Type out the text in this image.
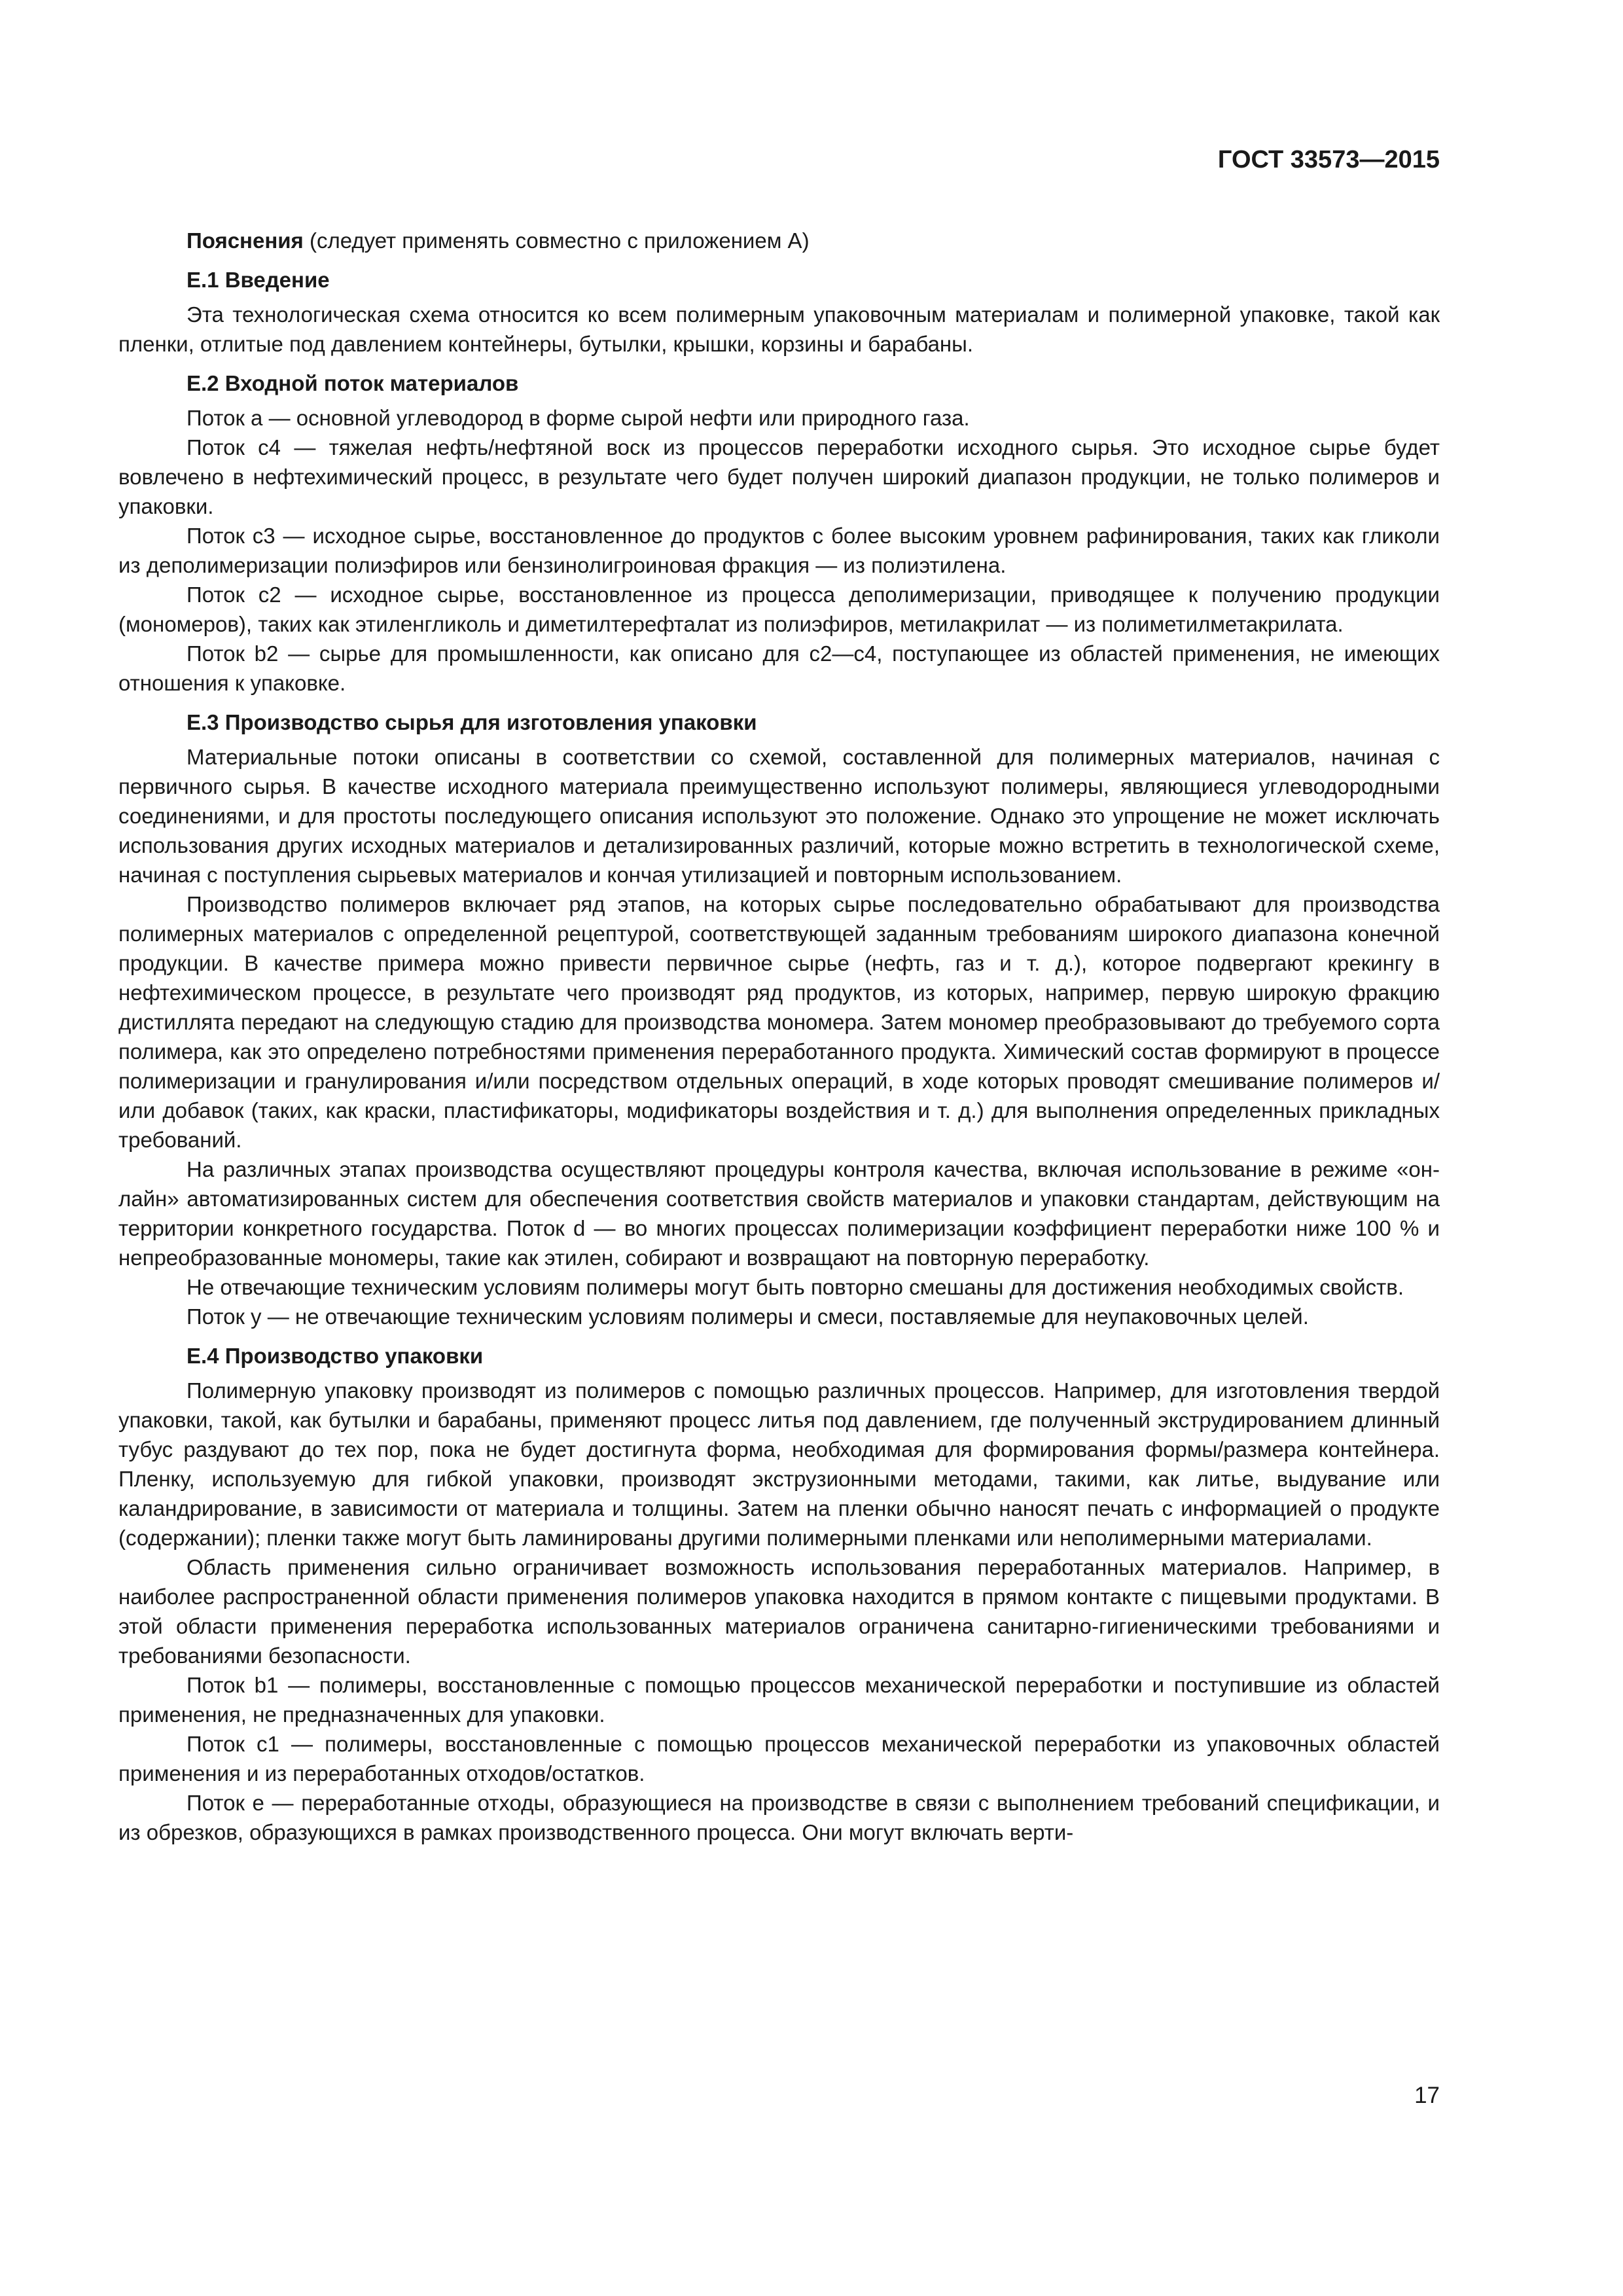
ГОСТ 33573—2015

Пояснения (следует применять совместно с приложением А)

Е.1 Введение

Эта технологическая схема относится ко всем полимерным упаковочным материалам и полимерной упаковке, такой как пленки, отлитые под давлением контейнеры, бутылки, крышки, корзины и барабаны.

Е.2 Входной поток материалов

Поток a — основной углеводород в форме сырой нефти или природного газа.

Поток c4 — тяжелая нефть/нефтяной воск из процессов переработки исходного сырья. Это исходное сырье будет вовлечено в нефтехимический процесс, в результате чего будет получен широкий диапазон продукции, не только полимеров и упаковки.

Поток c3 — исходное сырье, восстановленное до продуктов с более высоким уровнем рафинирования, таких как гликоли из деполимеризации полиэфиров или бензинолигроиновая фракция — из полиэтилена.

Поток c2 — исходное сырье, восстановленное из процесса деполимеризации, приводящее к получению продукции (мономеров), таких как этиленгликоль и диметилтерефталат из полиэфиров, метилакрилат — из полиметилметакрилата.

Поток b2 — сырье для промышленности, как описано для c2—c4, поступающее из областей применения, не имеющих отношения к упаковке.

Е.3 Производство сырья для изготовления упаковки

Материальные потоки описаны в соответствии со схемой, составленной для полимерных материалов, начиная с первичного сырья. В качестве исходного материала преимущественно используют полимеры, являющиеся углеводородными соединениями, и для простоты последующего описания используют это положение. Однако это упрощение не может исключать использования других исходных материалов и детализированных различий, которые можно встретить в технологической схеме, начиная с поступления сырьевых материалов и кончая утилизацией и повторным использованием.

Производство полимеров включает ряд этапов, на которых сырье последовательно обрабатывают для производства полимерных материалов с определенной рецептурой, соответствующей заданным требованиям широкого диапазона конечной продукции. В качестве примера можно привести первичное сырье (нефть, газ и т. д.), которое подвергают крекингу в нефтехимическом процессе, в результате чего производят ряд продуктов, из которых, например, первую широкую фракцию дистиллята передают на следующую стадию для производства мономера. Затем мономер преобразовывают до требуемого сорта полимера, как это определено потребностями применения переработанного продукта. Химический состав формируют в процессе полимеризации и гранулирования и/или посредством отдельных операций, в ходе которых проводят смешивание полимеров и/или добавок (таких, как краски, пластификаторы, модификаторы воздействия и т. д.) для выполнения определенных прикладных требований.

На различных этапах производства осуществляют процедуры контроля качества, включая использование в режиме «он-лайн» автоматизированных систем для обеспечения соответствия свойств материалов и упаковки стандартам, действующим на территории конкретного государства. Поток d — во многих процессах полимеризации коэффициент переработки ниже 100 % и непреобразованные мономеры, такие как этилен, собирают и возвращают на повторную переработку.

Не отвечающие техническим условиям полимеры могут быть повторно смешаны для достижения необходимых свойств.

Поток y — не отвечающие техническим условиям полимеры и смеси, поставляемые для неупаковочных целей.

Е.4 Производство упаковки

Полимерную упаковку производят из полимеров с помощью различных процессов. Например, для изготовления твердой упаковки, такой, как бутылки и барабаны, применяют процесс литья под давлением, где полученный экструдированием длинный тубус раздувают до тех пор, пока не будет достигнута форма, необходимая для формирования формы/размера контейнера. Пленку, используемую для гибкой упаковки, производят экструзионными методами, такими, как литье, выдувание или каландрирование, в зависимости от материала и толщины. Затем на пленки обычно наносят печать с информацией о продукте (содержании); пленки также могут быть ламинированы другими полимерными пленками или неполимерными материалами.

Область применения сильно ограничивает возможность использования переработанных материалов. Например, в наиболее распространенной области применения полимеров упаковка находится в прямом контакте с пищевыми продуктами. В этой области применения переработка использованных материалов ограничена санитарно-гигиеническими требованиями и требованиями безопасности.

Поток b1 — полимеры, восстановленные с помощью процессов механической переработки и поступившие из областей применения, не предназначенных для упаковки.

Поток c1 — полимеры, восстановленные с помощью процессов механической переработки из упаковочных областей применения и из переработанных отходов/остатков.

Поток e — переработанные отходы, образующиеся на производстве в связи с выполнением требований спецификации, и из обрезков, образующихся в рамках производственного процесса. Они могут включать верти-

17
